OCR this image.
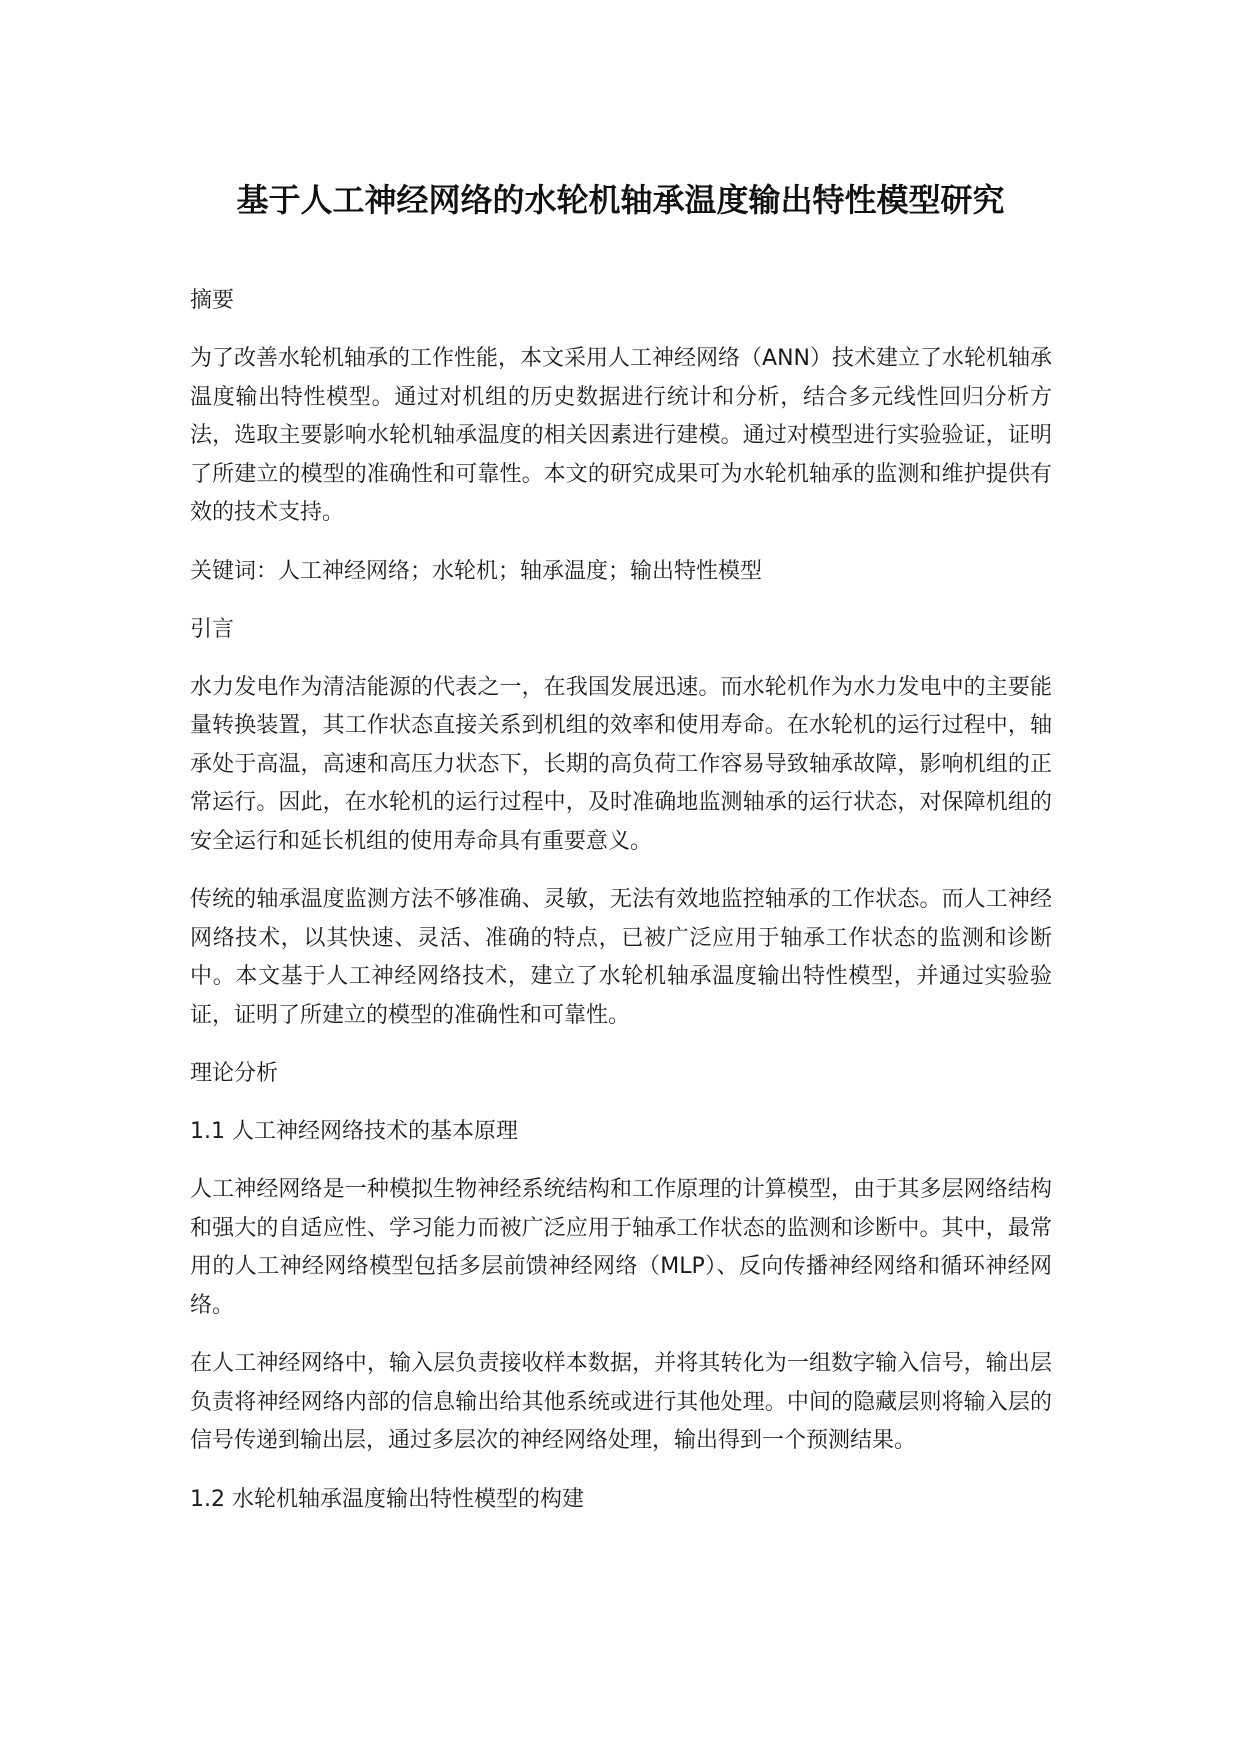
基于人工神经网络的水轮机轴承温度输出特性模型研究
摘要

为了改善水轮机轴承的工作性能，本文采用人工神经网络（ANN）技术建立了水轮机轴承温度输出特性模型。通过对机组的历史数据进行统计和分析，结合多元线性回归分析方法，选取主要影响水轮机轴承温度的相关因素进行建模。通过对模型进行实验验证，证明了所建立的模型的准确性和可靠性。本文的研究成果可为水轮机轴承的监测和维护提供有效的技术支持。

关键词：人工神经网络；水轮机；轴承温度；输出特性模型
引言

水力发电作为清洁能源的代表之一，在我国发展迅速。而水轮机作为水力发电中的主要能量转换装置，其工作状态直接关系到机组的效率和使用寿命。在水轮机的运行过程中，轴承处于高温，高速和高压力状态下，长期的高负荷工作容易导致轴承故障，影响机组的正常运行。因此，在水轮机的运行过程中，及时准确地监测轴承的运行状态，对保障机组的安全运行和延长机组的使用寿命具有重要意义。

传统的轴承温度监测方法不够准确、灵敏，无法有效地监控轴承的工作状态。而人工神经网络技术，以其快速、灵活、准确的特点，已被广泛应用于轴承工作状态的监测和诊断中。本文基于人工神经网络技术，建立了水轮机轴承温度输出特性模型，并通过实验验证，证明了所建立的模型的准确性和可靠性。

理论分析
1.1 人工神经网络技术的基本原理

人工神经网络是一种模拟生物神经系统结构和工作原理的计算模型，由于其多层网络结构和强大的自适应性、学习能力而被广泛应用于轴承工作状态的监测和诊断中。其中，最常用的人工神经网络模型包括多层前馈神经网络（MLP）、反向传播神经网络和循环神经网络。

在人工神经网络中，输入层负责接收样本数据，并将其转化为一组数字输入信号，输出层负责将神经网络内部的信息输出给其他系统或进行其他处理。中间的隐藏层则将输入层的信号传递到输出层，通过多层次的神经网络处理，输出得到一个预测结果。

1.2 水轮机轴承温度输出特性模型的构建
